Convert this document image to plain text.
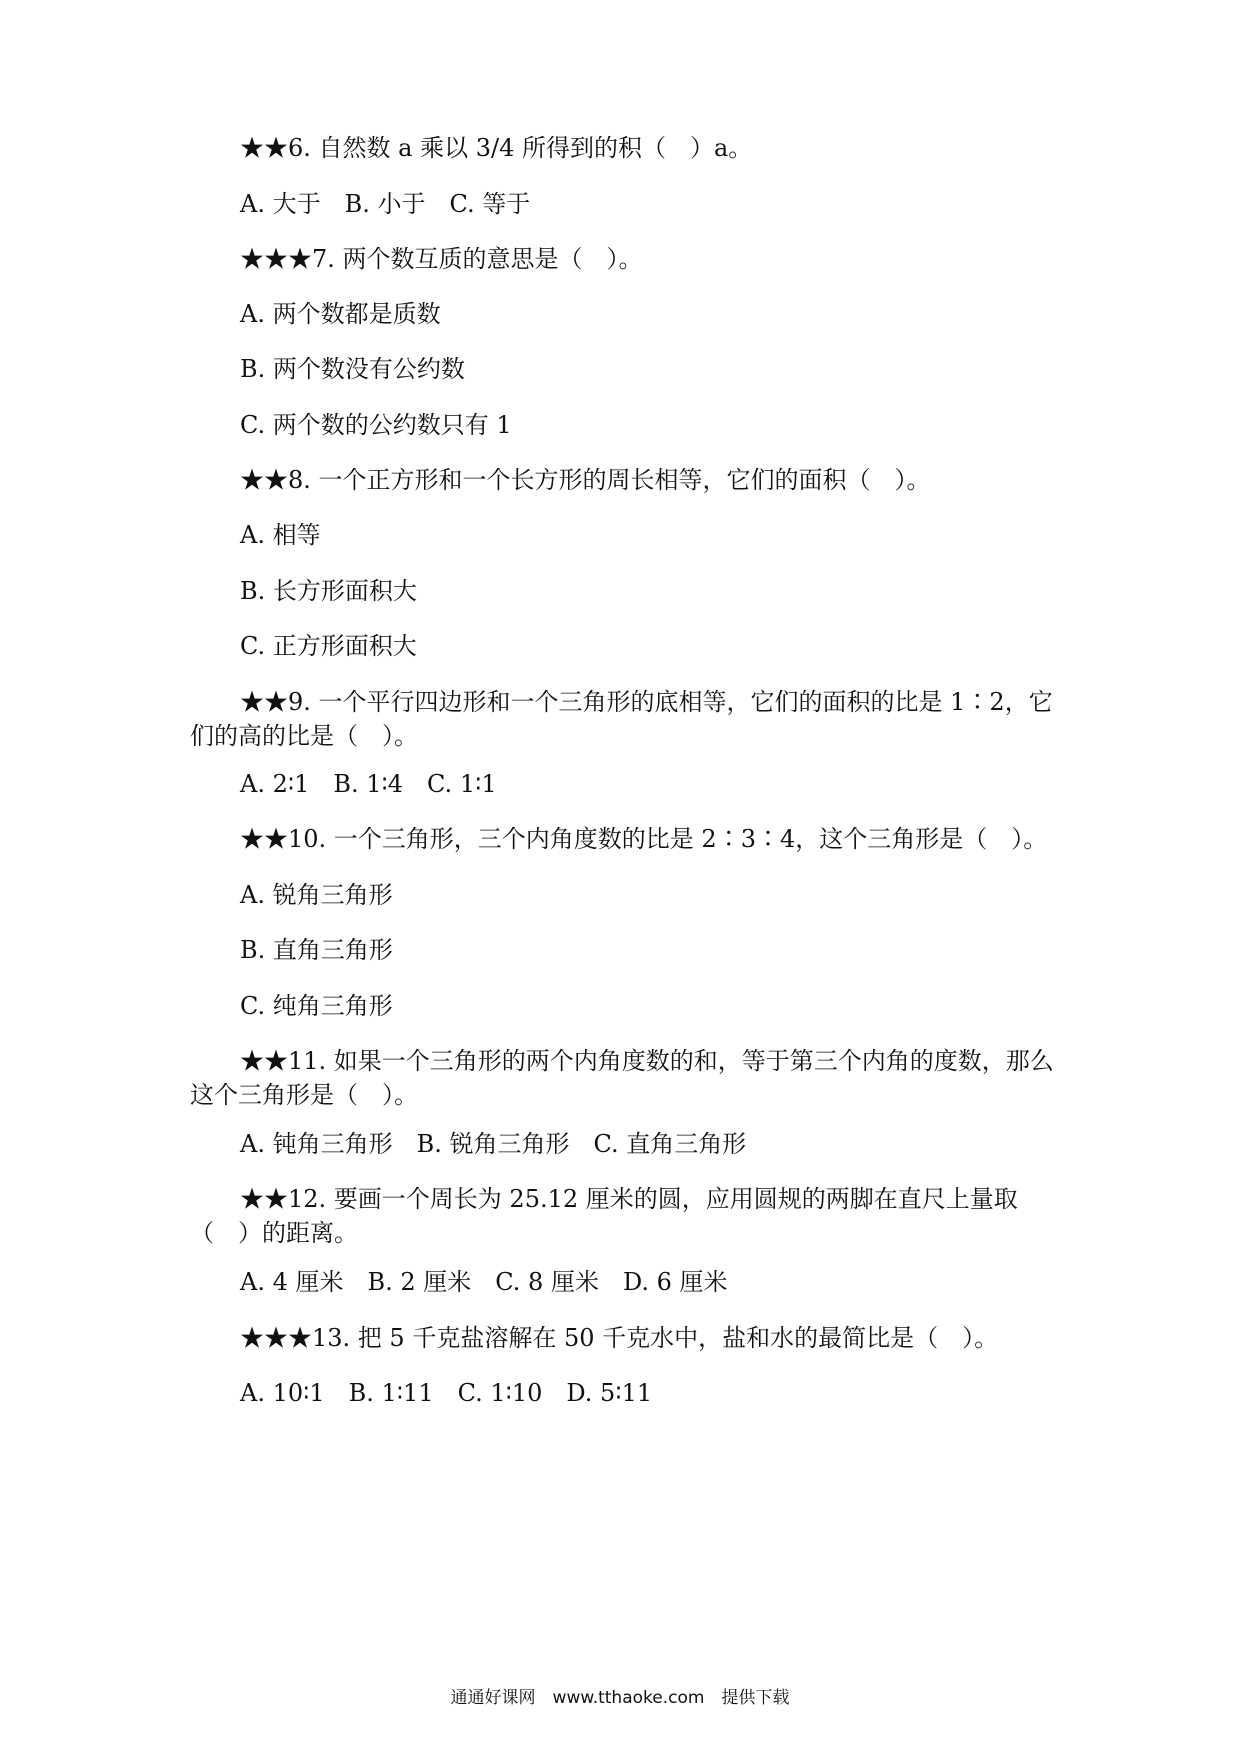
★★6. 自然数 a 乘以 3/4 所得到的积（　）a。
A. 大于　B. 小于　C. 等于
★★★7. 两个数互质的意思是（　）。
A. 两个数都是质数
B. 两个数没有公约数
C. 两个数的公约数只有 1
★★8. 一个正方形和一个长方形的周长相等，它们的面积（　）。
A. 相等
B. 长方形面积大
C. 正方形面积大
★★9. 一个平行四边形和一个三角形的底相等，它们的面积的比是 1∶2，它们的高的比是（　）。
A. 2∶1　B. 1∶4　C. 1∶1
★★10. 一个三角形，三个内角度数的比是 2∶3∶4，这个三角形是（　）。
A. 锐角三角形
B. 直角三角形
C. 纯角三角形
★★11. 如果一个三角形的两个内角度数的和，等于第三个内角的度数，那么这个三角形是（　）。
A. 钝角三角形　B. 锐角三角形　C. 直角三角形
★★12. 要画一个周长为 25.12 厘米的圆，应用圆规的两脚在直尺上量取（　）的距离。
A. 4 厘米　B. 2 厘米　C. 8 厘米　D. 6 厘米
★★★13. 把 5 千克盐溶解在 50 千克水中，盐和水的最简比是（　）。
A. 10∶1　B. 1∶11　C. 1∶10　D. 5∶11
通通好课网　www.tthaoke.com　提供下载
